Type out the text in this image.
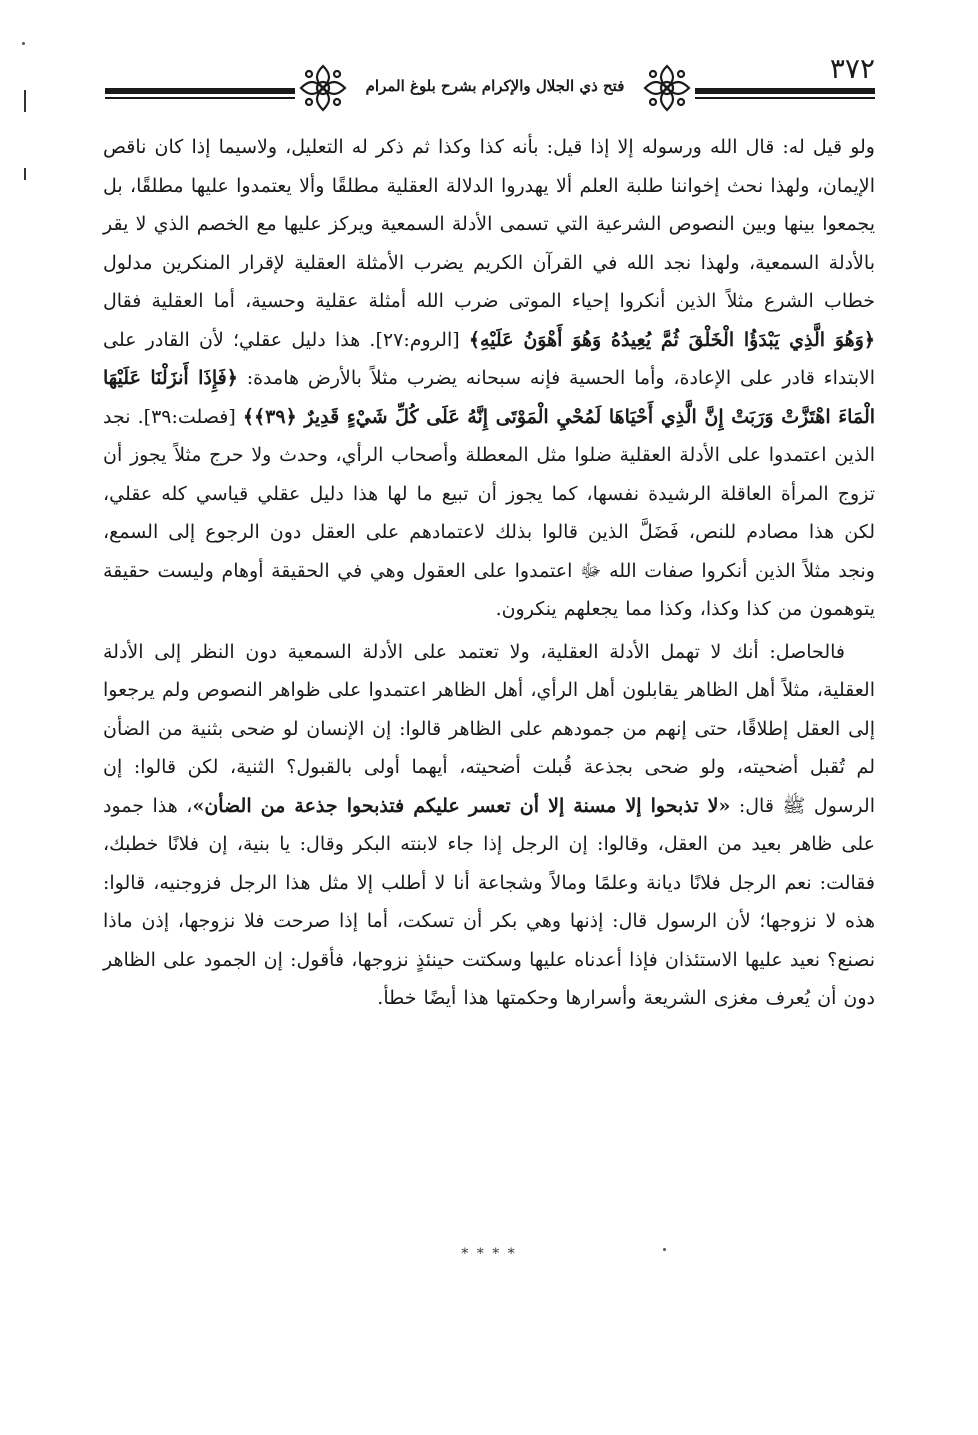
٣٧٢
فتح ذي الجلال والإكرام بشرح بلوغ المرام

ولو قيل له: قال الله ورسوله إلا إذا قيل: بأنه كذا وكذا ثم ذكر له التعليل، ولاسيما إذا كان ناقص الإيمان، ولهذا نحث إخواننا طلبة العلم ألا يهدروا الدلالة العقلية مطلقًا وألا يعتمدوا عليها مطلقًا، بل يجمعوا بينها وبين النصوص الشرعية التي تسمى الأدلة السمعية ويركز عليها مع الخصم الذي لا يقر بالأدلة السمعية، ولهذا نجد الله في القرآن الكريم يضرب الأمثلة العقلية لإقرار المنكرين مدلول خطاب الشرع مثلاً الذين أنكروا إحياء الموتى ضرب الله أمثلة عقلية وحسية، أما العقلية فقال ﴿وَهُوَ الَّذِي يَبْدَؤُا الْخَلْقَ ثُمَّ يُعِيدُهُ وَهُوَ أَهْوَنُ عَلَيْهِ﴾ [الروم:٢٧]. هذا دليل عقلي؛ لأن القادر على الابتداء قادر على الإعادة، وأما الحسية فإنه سبحانه يضرب مثلاً بالأرض هامدة: ﴿فَإِذَا أَنزَلْنَا عَلَيْهَا الْمَاءَ اهْتَزَّتْ وَرَبَتْ إِنَّ الَّذِي أَحْيَاهَا لَمُحْيِ الْمَوْتَى إِنَّهُ عَلَى كُلِّ شَيْءٍ قَدِيرٌ ﴿٣٩﴾﴾ [فصلت:٣٩]. نجد الذين اعتمدوا على الأدلة العقلية ضلوا مثل المعطلة وأصحاب الرأي، وحدث ولا حرج مثلاً يجوز أن تزوج المرأة العاقلة الرشيدة نفسها، كما يجوز أن تبيع ما لها هذا دليل عقلي قياسي كله عقلي، لكن هذا مصادم للنص، فَضَلَّ الذين قالوا بذلك لاعتمادهم على العقل دون الرجوع إلى السمع، ونجد مثلاً الذين أنكروا صفات الله ﷻ اعتمدوا على العقول وهي في الحقيقة أوهام وليست حقيقة يتوهمون من كذا وكذا، وكذا مما يجعلهم ينكرون.

فالحاصل: أنك لا تهمل الأدلة العقلية، ولا تعتمد على الأدلة السمعية دون النظر إلى الأدلة العقلية، مثلاً أهل الظاهر يقابلون أهل الرأي، أهل الظاهر اعتمدوا على ظواهر النصوص ولم يرجعوا إلى العقل إطلاقًا، حتى إنهم من جمودهم على الظاهر قالوا: إن الإنسان لو ضحى بثنية من الضأن لم تُقبل أضحيته، ولو ضحى بجذعة قُبلت أضحيته، أيهما أولى بالقبول؟ الثنية، لكن قالوا: إن الرسول ﷺ قال: «لا تذبحوا إلا مسنة إلا أن تعسر عليكم فتذبحوا جذعة من الضأن»، هذا جمود على ظاهر بعيد من العقل، وقالوا: إن الرجل إذا جاء لابنته البكر وقال: يا بنية، إن فلانًا خطبك، فقالت: نعم الرجل فلانًا ديانة وعلمًا ومالاً وشجاعة أنا لا أطلب إلا مثل هذا الرجل فزوجنيه، قالوا: هذه لا نزوجها؛ لأن الرسول قال: إذنها وهي بكر أن تسكت، أما إذا صرحت فلا نزوجها، إذن ماذا نصنع؟ نعيد عليها الاستئذان فإذا أعدناه عليها وسكتت حينئذٍ نزوجها، فأقول: إن الجمود على الظاهر دون أن يُعرف مغزى الشريعة وأسرارها وحكمتها هذا أيضًا خطأ.

* * * *
